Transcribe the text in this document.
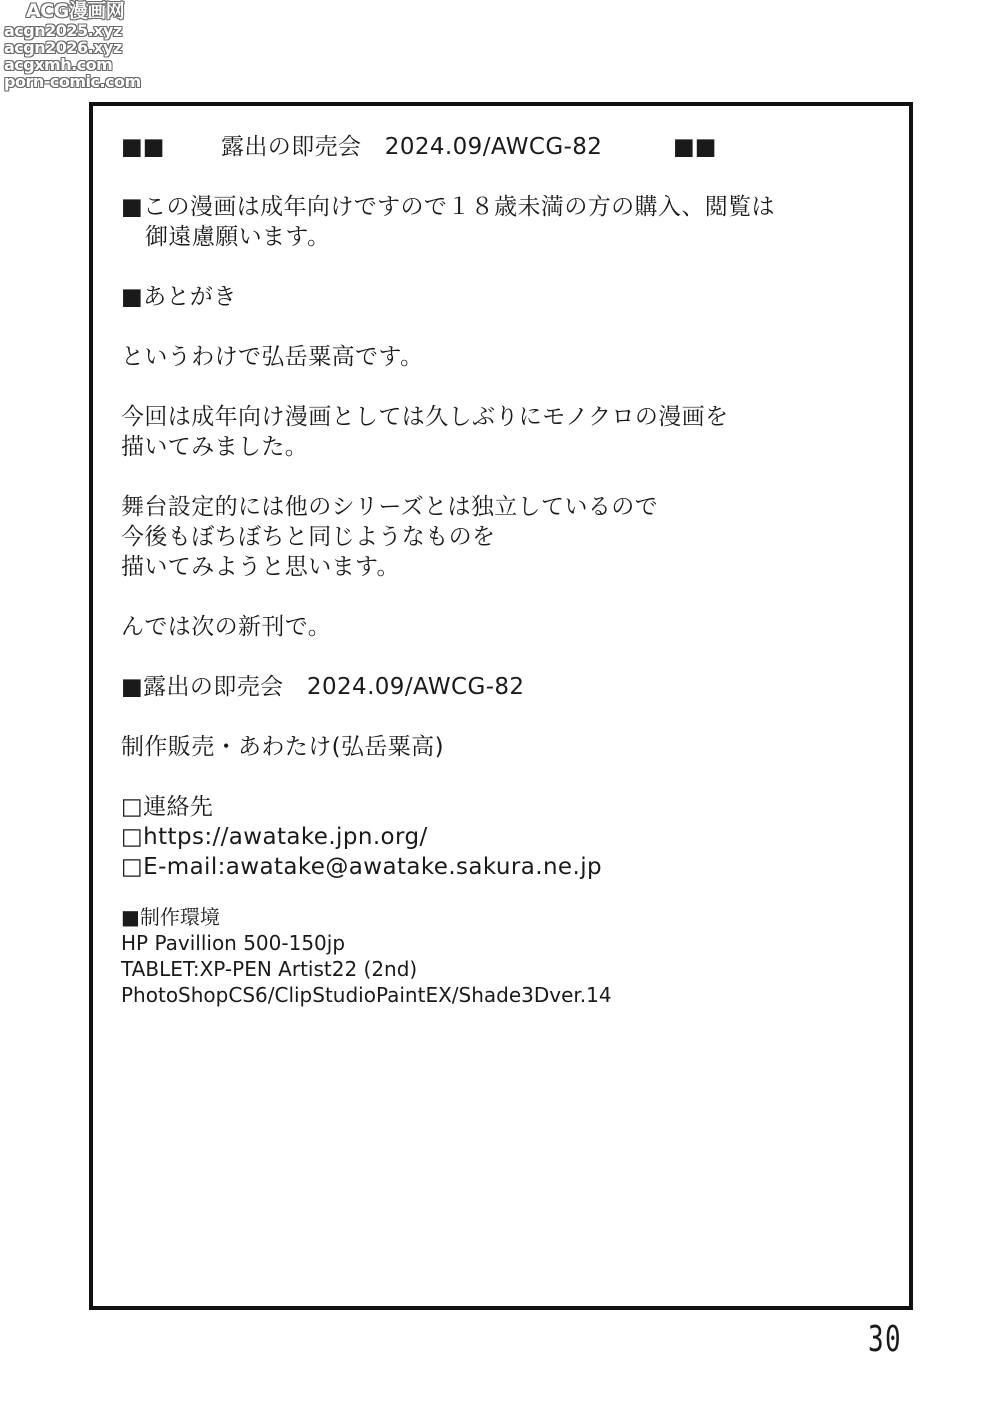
ACG漫画网
acgn2025.xyz
acgn2026.xyz
acgxmh.com
porn-comic.com
■■ 露出の即売会　2024.09/AWCG-82	■■
■この漫画は成年向けですので１８歳未満の方の購入、閲覧は
御遠慮願います。
■あとがき
というわけで弘岳粟高です。
今回は成年向け漫画としては久しぶりにモノクロの漫画を
描いてみました。
舞台設定的には他のシリーズとは独立しているので
今後もぼちぼちと同じようなものを
描いてみようと思います。
んでは次の新刊で。
■露出の即売会　2024.09/AWCG-82
制作販売・あわたけ(弘岳粟高)
□連絡先
□https://awatake.jpn.org/
□E-mail:awatake@awatake.sakura.ne.jp
■制作環境
HP Pavillion 500-150jp
TABLET:XP-PEN Artist22 (2nd)
PhotoShopCS6/ClipStudioPaintEX/Shade3Dver.14
30
